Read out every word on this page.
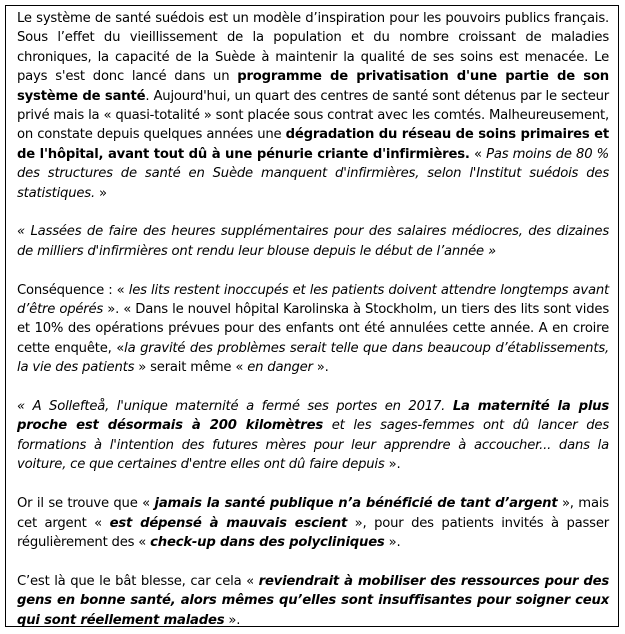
Le système de santé suédois est un modèle d’inspiration pour les pouvoirs publics français. Sous l’effet du vieillissement de la population et du nombre croissant de maladies chroniques, la capacité de la Suède à maintenir la qualité de ses soins est menacée. Le pays s'est donc lancé dans un programme de privatisation d'une partie de son système de santé. Aujourd'hui, un quart des centres de santé sont détenus par le secteur privé mais la « quasi-totalité » sont placée sous contrat avec les comtés. Malheureusement, on constate depuis quelques années une dégradation du réseau de soins primaires et de l'hôpital, avant tout dû à une pénurie criante d'infirmières. « Pas moins de 80 % des structures de santé en Suède manquent d'infirmières, selon l'Institut suédois des statistiques. »

« Lassées de faire des heures supplémentaires pour des salaires médiocres, des dizaines de milliers d'infirmières ont rendu leur blouse depuis le début de l’année »

Conséquence : « les lits restent inoccupés et les patients doivent attendre longtemps avant d’être opérés ». « Dans le nouvel hôpital Karolinska à Stockholm, un tiers des lits sont vides et 10% des opérations prévues pour des enfants ont été annulées cette année. A en croire cette enquête, «la gravité des problèmes serait telle que dans beaucoup d’établissements, la vie des patients » serait même « en danger ».

« A Sollefteå, l'unique maternité a fermé ses portes en 2017. La maternité la plus proche est désormais à 200 kilomètres et les sages-femmes ont dû lancer des formations à l'intention des futures mères pour leur apprendre à accoucher... dans la voiture, ce que certaines d'entre elles ont dû faire depuis ».

Or il se trouve que « jamais la santé publique n’a bénéficié de tant d’argent », mais cet argent « est dépensé à mauvais escient », pour des patients invités à passer régulièrement des « check-up dans des polycliniques ».

C’est là que le bât blesse, car cela « reviendrait à mobiliser des ressources pour des gens en bonne santé, alors mêmes qu’elles sont insuffisantes pour soigner ceux qui sont réellement malades ».
